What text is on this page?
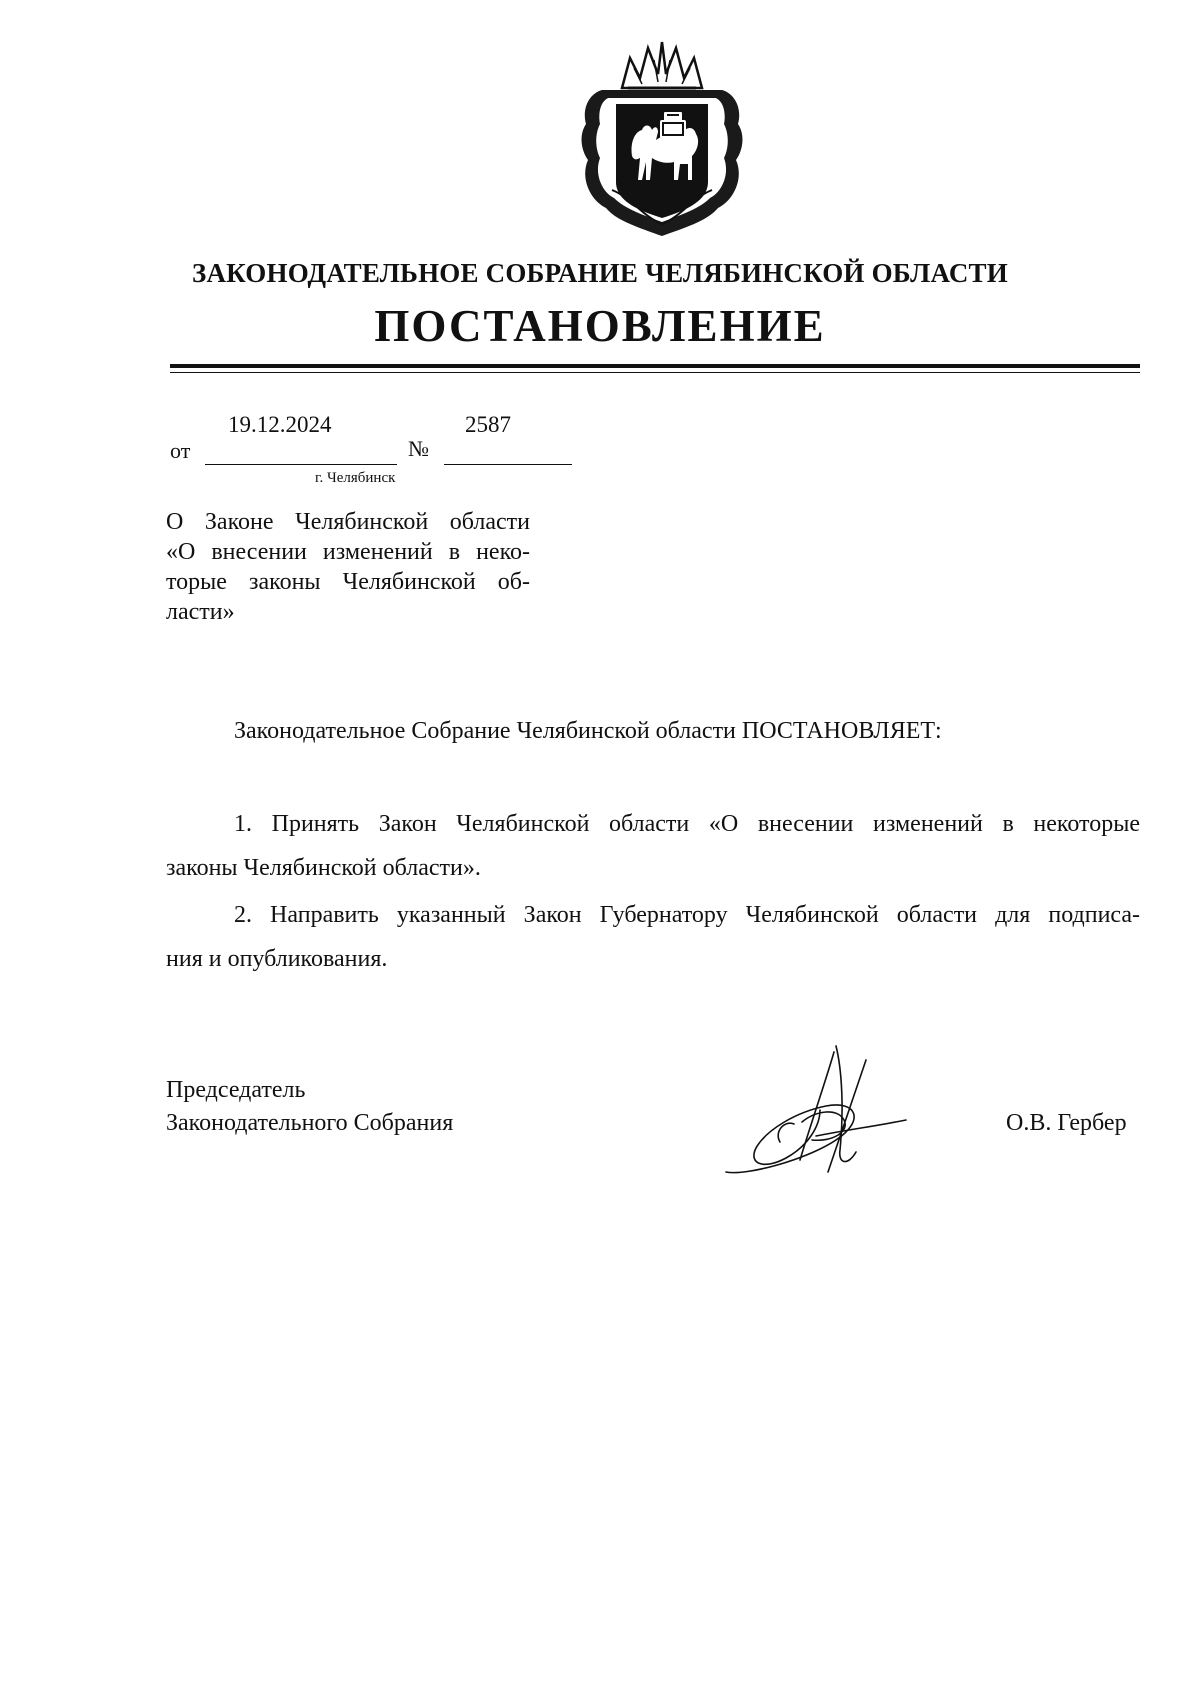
ЗАКОНОДАТЕЛЬНОЕ СОБРАНИЕ ЧЕЛЯБИНСКОЙ ОБЛАСТИ
ПОСТАНОВЛЕНИЕ
от
19.12.2024
№
2587
г. Челябинск
О Законе Челябинской области
«О внесении изменений в неко-
торые законы Челябинской об-
ласти»
Законодательное Собрание Челябинской области ПОСТАНОВЛЯЕТ:
1. Принять Закон Челябинской области «О внесении изменений в некоторые
законы Челябинской области».
2. Направить указанный Закон Губернатору Челябинской области для подписа-
ния и опубликования.
Председатель
Законодательного Собрания	О.В. Гербер
